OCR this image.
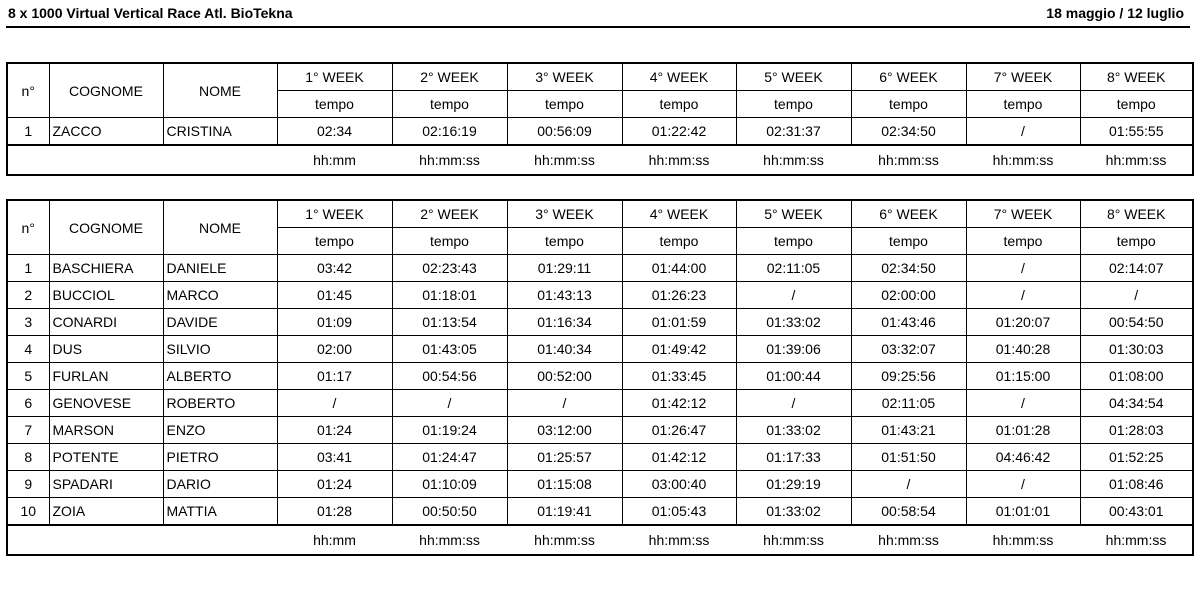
8 x 1000 Virtual Vertical Race Atl. BioTekna	18 maggio / 12 luglio
n°	COGNOME	NOME	1° WEEK	2° WEEK	3° WEEK	4° WEEK	5° WEEK	6° WEEK	7° WEEK	8° WEEK
			tempo	tempo	tempo	tempo	tempo	tempo	tempo	tempo
1	ZACCO	CRISTINA	02:34	02:16:19	00:56:09	01:22:42	02:31:37	02:34:50	/	01:55:55
			hh:mm	hh:mm:ss	hh:mm:ss	hh:mm:ss	hh:mm:ss	hh:mm:ss	hh:mm:ss	hh:mm:ss
n°	COGNOME	NOME	1° WEEK	2° WEEK	3° WEEK	4° WEEK	5° WEEK	6° WEEK	7° WEEK	8° WEEK
			tempo	tempo	tempo	tempo	tempo	tempo	tempo	tempo
1	BASCHIERA	DANIELE	03:42	02:23:43	01:29:11	01:44:00	02:11:05	02:34:50	/	02:14:07
2	BUCCIOL	MARCO	01:45	01:18:01	01:43:13	01:26:23	/	02:00:00	/	/
3	CONARDI	DAVIDE	01:09	01:13:54	01:16:34	01:01:59	01:33:02	01:43:46	01:20:07	00:54:50
4	DUS	SILVIO	02:00	01:43:05	01:40:34	01:49:42	01:39:06	03:32:07	01:40:28	01:30:03
5	FURLAN	ALBERTO	01:17	00:54:56	00:52:00	01:33:45	01:00:44	09:25:56	01:15:00	01:08:00
6	GENOVESE	ROBERTO	/	/	/	01:42:12	/	02:11:05	/	04:34:54
7	MARSON	ENZO	01:24	01:19:24	03:12:00	01:26:47	01:33:02	01:43:21	01:01:28	01:28:03
8	POTENTE	PIETRO	03:41	01:24:47	01:25:57	01:42:12	01:17:33	01:51:50	04:46:42	01:52:25
9	SPADARI	DARIO	01:24	01:10:09	01:15:08	03:00:40	01:29:19	/	/	01:08:46
10	ZOIA	MATTIA	01:28	00:50:50	01:19:41	01:05:43	01:33:02	00:58:54	01:01:01	00:43:01
			hh:mm	hh:mm:ss	hh:mm:ss	hh:mm:ss	hh:mm:ss	hh:mm:ss	hh:mm:ss	hh:mm:ss
